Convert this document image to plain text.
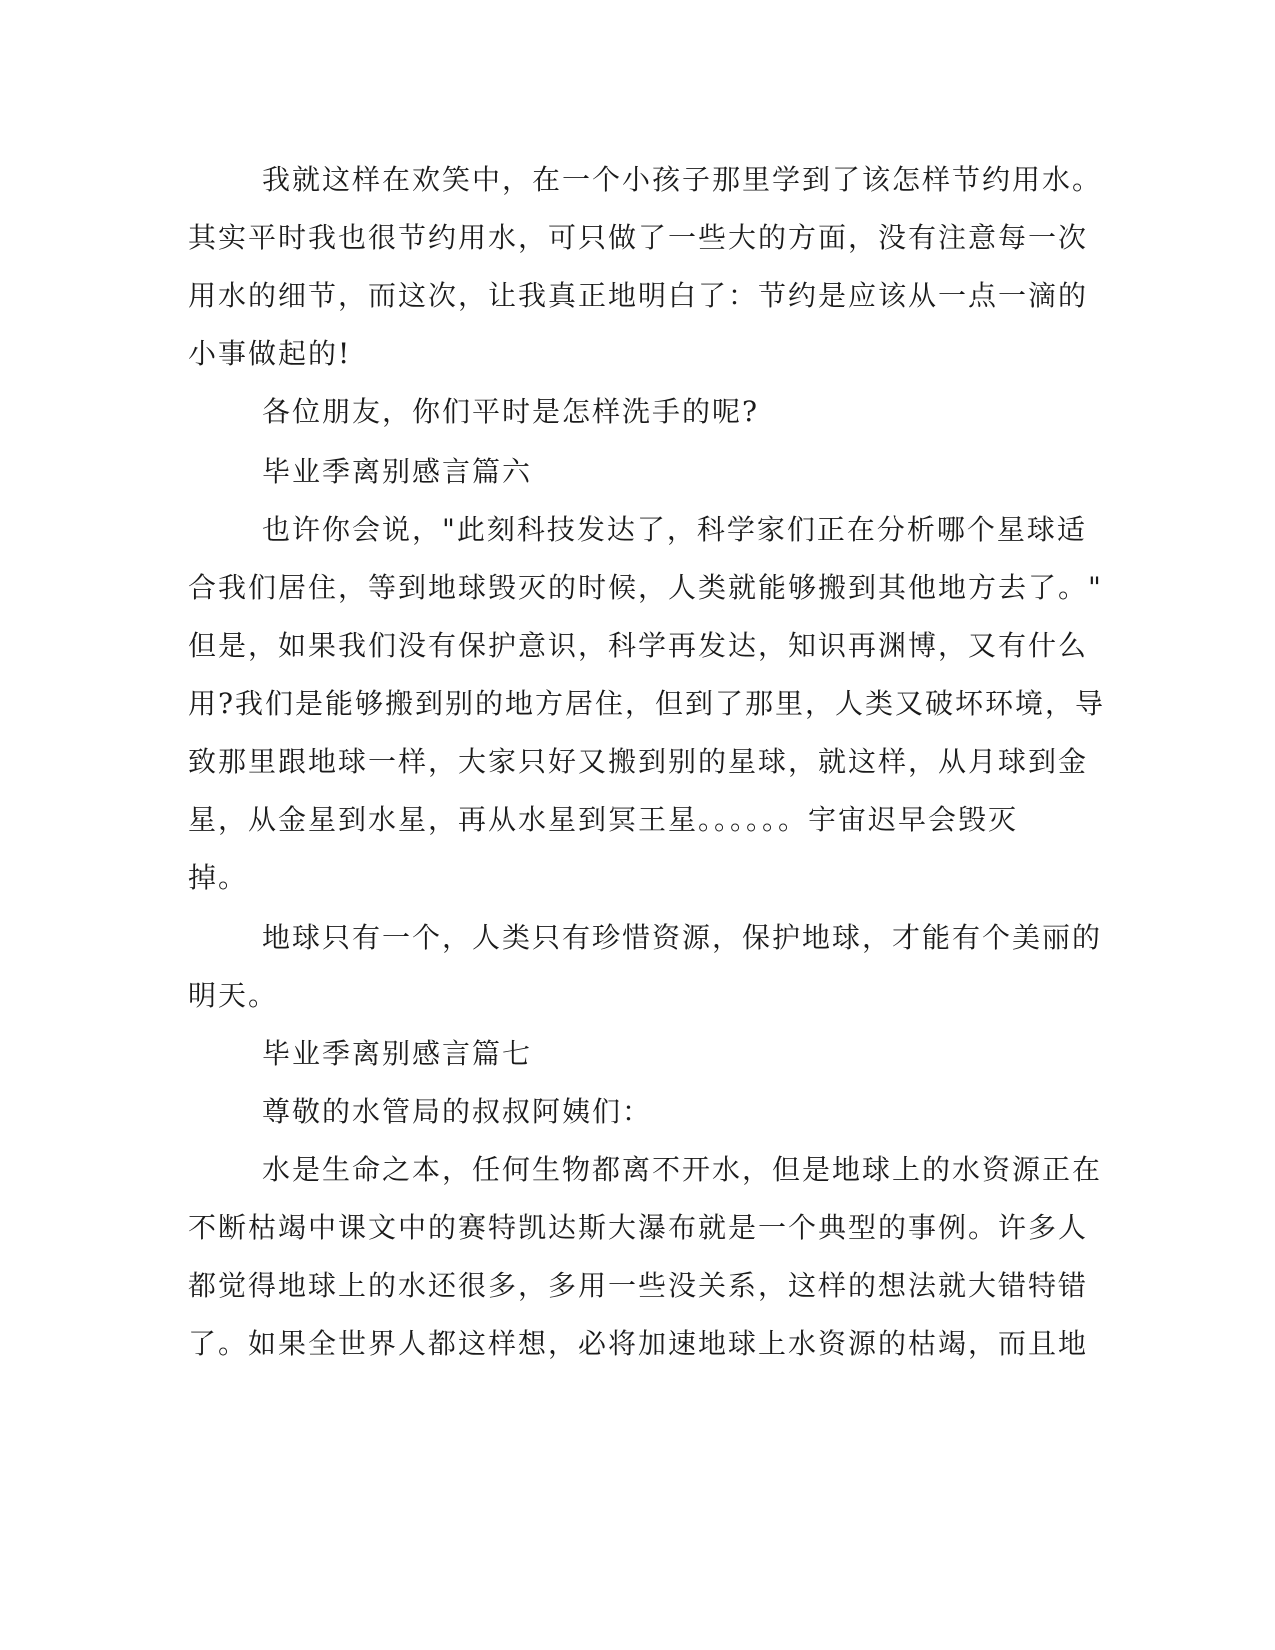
我就这样在欢笑中，在一个小孩子那里学到了该怎样节约用水。
其实平时我也很节约用水，可只做了一些大的方面，没有注意每一次
用水的细节，而这次，让我真正地明白了：节约是应该从一点一滴的
小事做起的!
各位朋友，你们平时是怎样洗手的呢?
毕业季离别感言篇六
也许你会说，"此刻科技发达了，科学家们正在分析哪个星球适
合我们居住，等到地球毁灭的时候，人类就能够搬到其他地方去了。"
但是，如果我们没有保护意识，科学再发达，知识再渊博，又有什么
用?我们是能够搬到别的地方居住，但到了那里，人类又破坏环境，导
致那里跟地球一样，大家只好又搬到别的星球，就这样，从月球到金
星，从金星到水星，再从水星到冥王星。。。。。。宇宙迟早会毁灭
掉。
地球只有一个，人类只有珍惜资源，保护地球，才能有个美丽的
明天。
毕业季离别感言篇七
尊敬的水管局的叔叔阿姨们：
水是生命之本，任何生物都离不开水，但是地球上的水资源正在
不断枯竭中课文中的赛特凯达斯大瀑布就是一个典型的事例。许多人
都觉得地球上的水还很多，多用一些没关系，这样的想法就大错特错
了。如果全世界人都这样想，必将加速地球上水资源的枯竭，而且地
